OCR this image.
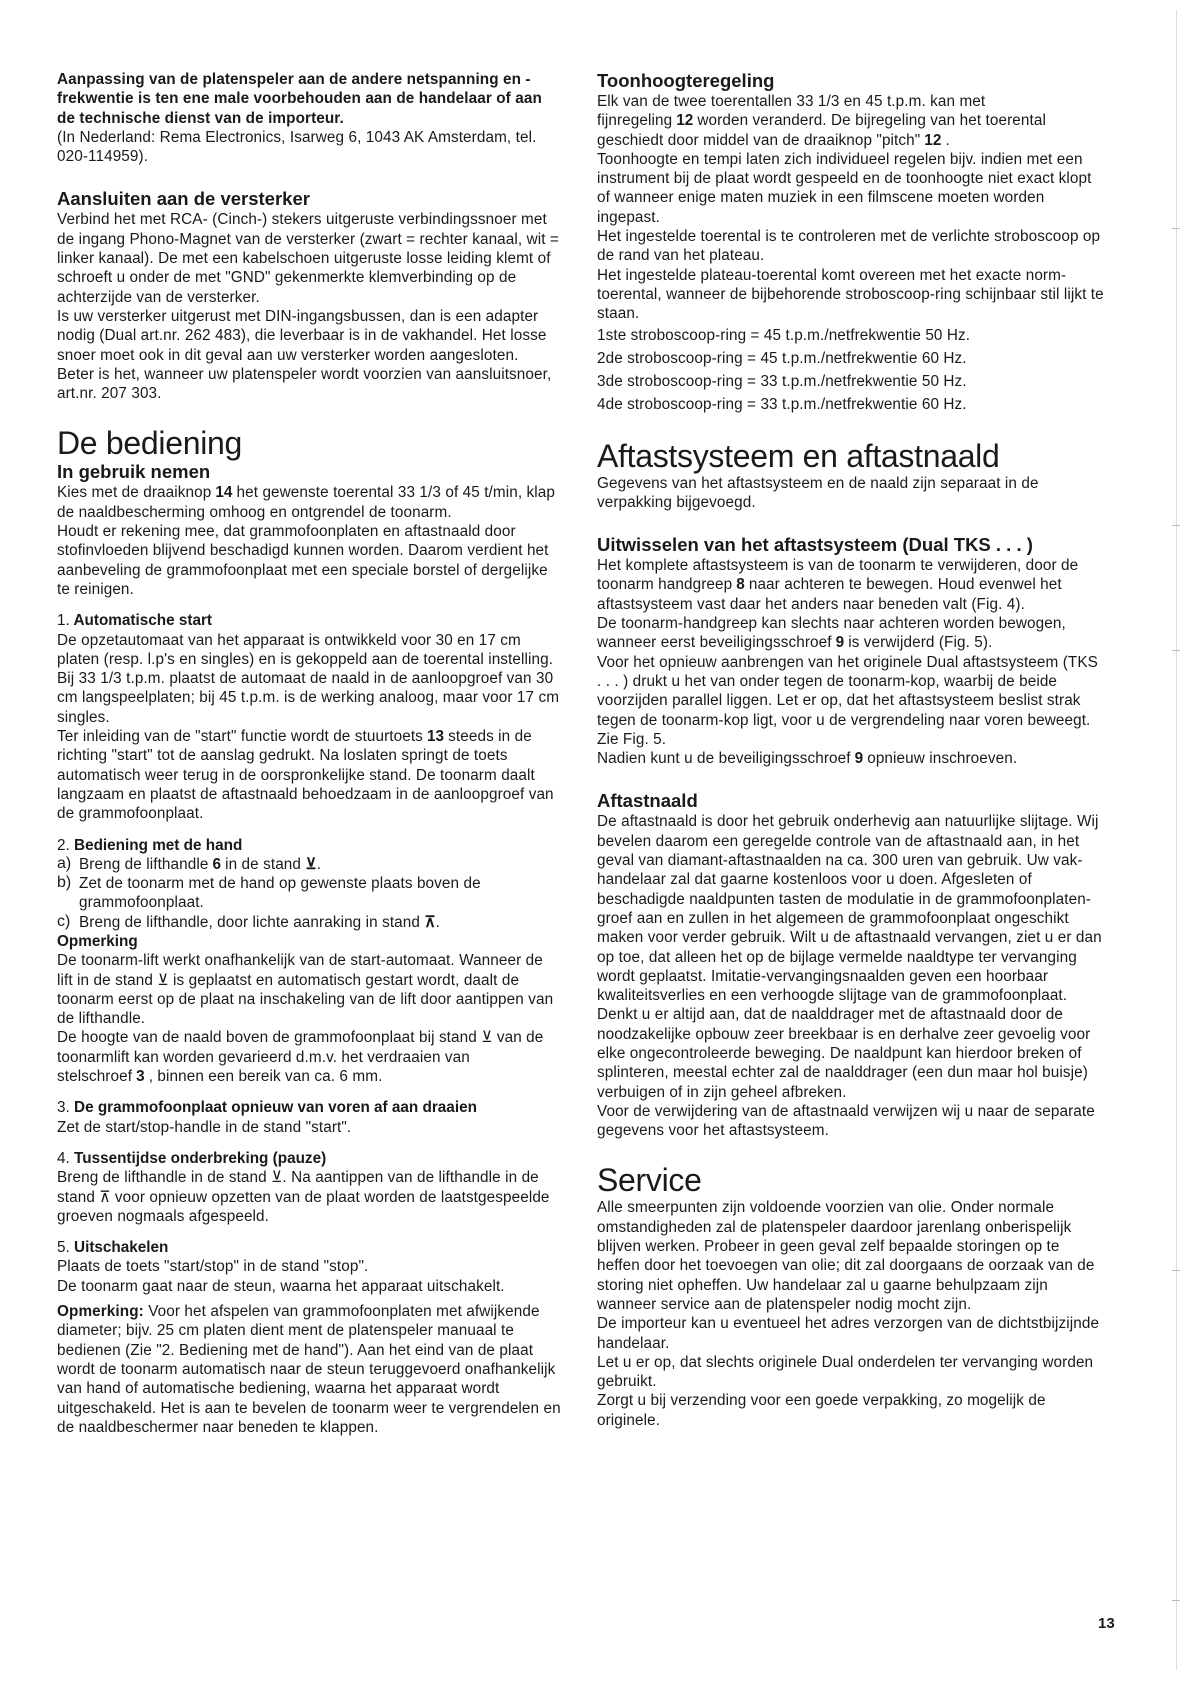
Aanpassing van de platenspeler aan de andere netspanning en -frekwentie is ten ene male voorbehouden aan de handelaar of aan de technische dienst van de importeur.

(In Nederland: Rema Electronics, Isarweg 6, 1043 AK Amsterdam, tel. 020-114959).

Aansluiten aan de versterker

Verbind het met RCA- (Cinch-) stekers uitgeruste verbindingssnoer met de ingang Phono-Magnet van de versterker (zwart = rechter kanaal, wit = linker kanaal). De met een kabelschoen uitgeruste losse leiding klemt of schroeft u onder de met "GND" gekenmerkte klemverbinding op de achterzijde van de versterker.

Is uw versterker uitgerust met DIN-ingangsbussen, dan is een adapter nodig (Dual art.nr. 262 483), die leverbaar is in de vakhandel. Het losse snoer moet ook in dit geval aan uw versterker worden aangesloten.

Beter is het, wanneer uw platenspeler wordt voorzien van aansluitsnoer, art.nr. 207 303.

De bediening
In gebruik nemen

Kies met de draaiknop 14 het gewenste toerental 33 1/3 of 45 t/min, klap de naaldbescherming omhoog en ontgrendel de toonarm.

Houdt er rekening mee, dat grammofoonplaten en aftastnaald door stofinvloeden blijvend beschadigd kunnen worden. Daarom verdient het aanbeveling de grammofoonplaat met een speciale borstel of dergelijke te reinigen.

1. Automatische start

De opzetautomaat van het apparaat is ontwikkeld voor 30 en 17 cm platen (resp. l.p's en singles) en is gekoppeld aan de toerental instelling.

Bij 33 1/3 t.p.m. plaatst de automaat de naald in de aanloopgroef van 30 cm langspeelplaten; bij 45 t.p.m. is de werking analoog, maar voor 17 cm singles.

Ter inleiding van de "start" functie wordt de stuurtoets 13 steeds in de richting "start" tot de aanslag gedrukt. Na loslaten springt de toets automatisch weer terug in de oorspronkelijke stand. De toonarm daalt langzaam en plaatst de aftastnaald behoedzaam in de aanloopgroef van de grammofoonplaat.

2. Bediening met de hand
a) Breng de lifthandle 6 in de stand ⊻.

b) Zet de toonarm met de hand op gewenste plaats boven de grammofoonplaat.

c) Breng de lifthandle, door lichte aanraking in stand ⊼.

Opmerking

De toonarm-lift werkt onafhankelijk van de start-automaat. Wanneer de lift in de stand ⊻ is geplaatst en automatisch gestart wordt, daalt de toonarm eerst op de plaat na inschakeling van de lift door aantippen van de lifthandle.

De hoogte van de naald boven de grammofoonplaat bij stand ⊻ van de toonarmlift kan worden gevarieerd d.m.v. het verdraaien van stelschroef 3 , binnen een bereik van ca. 6 mm.

3. De grammofoonplaat opnieuw van voren af aan draaien

Zet de start/stop-handle in de stand "start".

4. Tussentijdse onderbreking (pauze)

Breng de lifthandle in de stand ⊻. Na aantippen van de lifthandle in de stand ⊼ voor opnieuw opzetten van de plaat worden de laatstgespeelde groeven nogmaals afgespeeld.

5. Uitschakelen

Plaats de toets "start/stop" in de stand "stop".

De toonarm gaat naar de steun, waarna het apparaat uitschakelt.

Opmerking: Voor het afspelen van grammofoonplaten met afwijkende diameter; bijv. 25 cm platen dient ment de platenspeler manuaal te bedienen (Zie "2. Bediening met de hand"). Aan het eind van de plaat wordt de toonarm automatisch naar de steun teruggevoerd onafhankelijk van hand of automatische bediening, waarna het apparaat wordt uitgeschakeld. Het is aan te bevelen de toonarm weer te vergrendelen en de naaldbeschermer naar beneden te klappen.

Toonhoogteregeling

Elk van de twee toerentallen 33 1/3 en 45 t.p.m. kan met fijnregeling 12 worden veranderd. De bijregeling van het toerental geschiedt door middel van de draaiknop "pitch" 12 .

Toonhoogte en tempi laten zich individueel regelen bijv. indien met een instrument bij de plaat wordt gespeeld en de toonhoogte niet exact klopt of wanneer enige maten muziek in een filmscene moeten worden ingepast.

Het ingestelde toerental is te controleren met de verlichte stroboscoop op de rand van het plateau.

Het ingestelde plateau-toerental komt overeen met het exacte norm-toerental, wanneer de bijbehorende stroboscoop-ring schijnbaar stil lijkt te staan.

1ste stroboscoop-ring = 45 t.p.m./netfrekwentie 50 Hz.

2de stroboscoop-ring = 45 t.p.m./netfrekwentie 60 Hz.

3de stroboscoop-ring = 33 t.p.m./netfrekwentie 50 Hz.

4de stroboscoop-ring = 33 t.p.m./netfrekwentie 60 Hz.

Aftastsysteem en aftastnaald

Gegevens van het aftastsysteem en de naald zijn separaat in de verpakking bijgevoegd.

Uitwisselen van het aftastsysteem (Dual TKS . . . )

Het komplete aftastsysteem is van de toonarm te verwijderen, door de toonarm handgreep 8 naar achteren te bewegen. Houd evenwel het aftastsysteem vast daar het anders naar beneden valt (Fig. 4).

De toonarm-handgreep kan slechts naar achteren worden bewogen, wanneer eerst beveiligingsschroef 9 is verwijderd (Fig. 5).

Voor het opnieuw aanbrengen van het originele Dual aftastsysteem (TKS . . . ) drukt u het van onder tegen de toonarm-kop, waarbij de beide voorzijden parallel liggen. Let er op, dat het aftastsysteem beslist strak tegen de toonarm-kop ligt, voor u de vergrendeling naar voren beweegt. Zie Fig. 5.

Nadien kunt u de beveiligingsschroef 9 opnieuw inschroeven.

Aftastnaald

De aftastnaald is door het gebruik onderhevig aan natuurlijke slijtage. Wij bevelen daarom een geregelde controle van de aftastnaald aan, in het geval van diamant-aftastnaalden na ca. 300 uren van gebruik. Uw vak-handelaar zal dat gaarne kostenloos voor u doen. Afgesleten of beschadigde naaldpunten tasten de modulatie in de grammofoonplaten-groef aan en zullen in het algemeen de grammofoonplaat ongeschikt maken voor verder gebruik. Wilt u de aftastnaald vervangen, ziet u er dan op toe, dat alleen het op de bijlage vermelde naaldtype ter vervanging wordt geplaatst. Imitatie-vervangingsnaalden geven een hoorbaar kwaliteitsverlies en een verhoogde slijtage van de grammofoonplaat.

Denkt u er altijd aan, dat de naalddrager met de aftastnaald door de noodzakelijke opbouw zeer breekbaar is en derhalve zeer gevoelig voor elke ongecontroleerde beweging. De naaldpunt kan hierdoor breken of splinteren, meestal echter zal de naalddrager (een dun maar hol buisje) verbuigen of in zijn geheel afbreken.

Voor de verwijdering van de aftastnaald verwijzen wij u naar de separate gegevens voor het aftastsysteem.

Service

Alle smeerpunten zijn voldoende voorzien van olie. Onder normale omstandigheden zal de platenspeler daardoor jarenlang onberispelijk blijven werken. Probeer in geen geval zelf bepaalde storingen op te heffen door het toevoegen van olie; dit zal doorgaans de oorzaak van de storing niet opheffen. Uw handelaar zal u gaarne behulpzaam zijn wanneer service aan de platenspeler nodig mocht zijn.

De importeur kan u eventueel het adres verzorgen van de dichtstbijzijnde handelaar.

Let u er op, dat slechts originele Dual onderdelen ter vervanging worden gebruikt.

Zorgt u bij verzending voor een goede verpakking, zo mogelijk de originele.

13
